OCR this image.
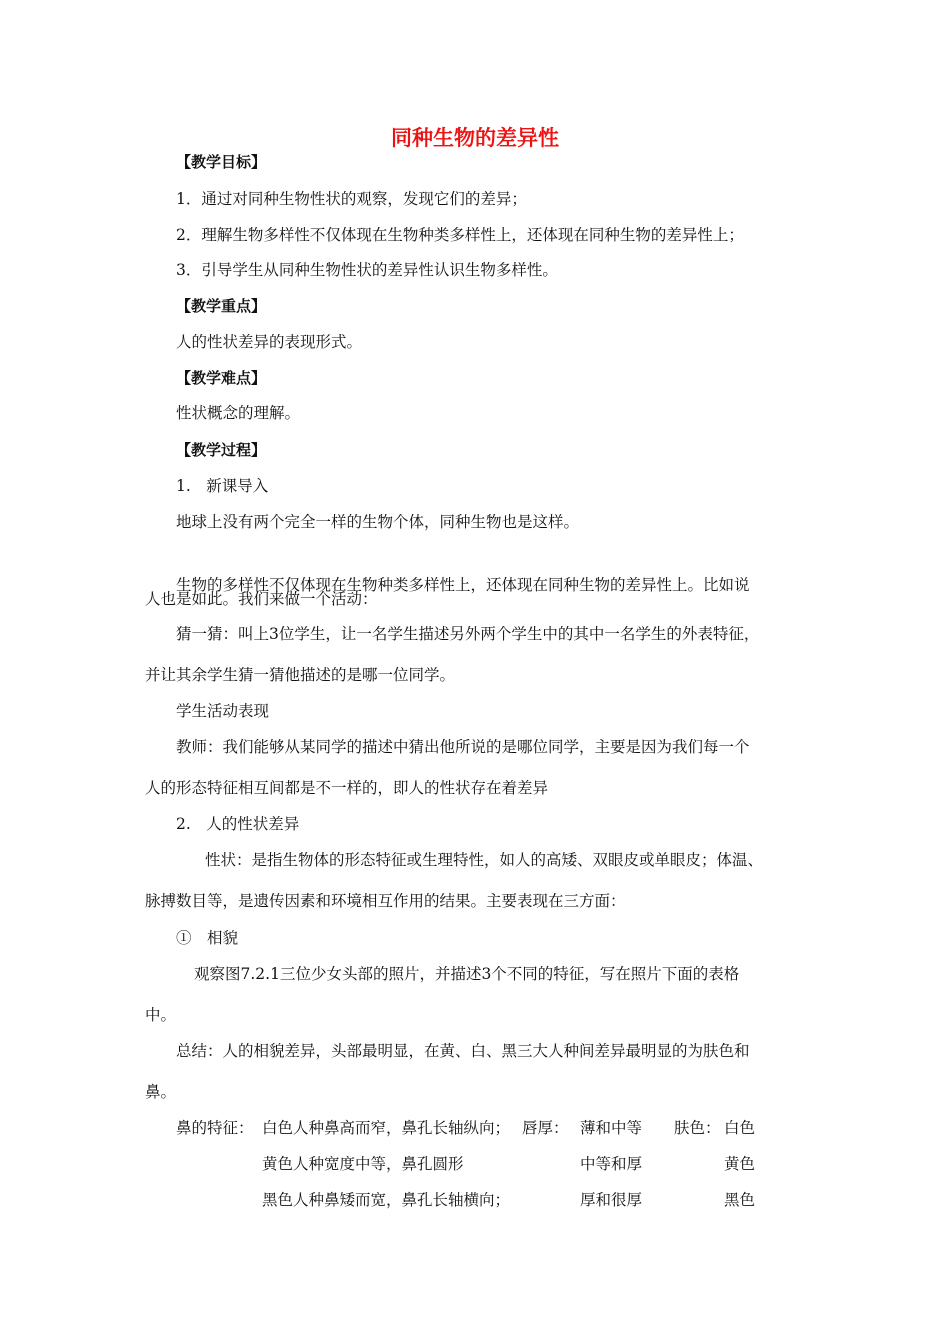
同种生物的差异性
【教学目标】
1．通过对同种生物性状的观察，发现它们的差异；
2．理解生物多样性不仅体现在生物种类多样性上，还体现在同种生物的差异性上；
3．引导学生从同种生物性状的差异性认识生物多样性。
【教学重点】
人的性状差异的表现形式。
【教学难点】
性状概念的理解。
【教学过程】
1.　新课导入
地球上没有两个完全一样的生物个体，同种生物也是这样。
生物的多样性不仅体现在生物种类多样性上，还体现在同种生物的差异性上。比如说
人也是如此。我们来做一个活动：
猜一猜：叫上3位学生，让一名学生描述另外两个学生中的其中一名学生的外表特征，
并让其余学生猜一猜他描述的是哪一位同学。
学生活动表现
教师：我们能够从某同学的描述中猜出他所说的是哪位同学，主要是因为我们每一个
人的形态特征相互间都是不一样的，即人的性状存在着差异
2.　人的性状差异
性状：是指生物体的形态特征或生理特性，如人的高矮、双眼皮或单眼皮；体温、
脉搏数目等，是遗传因素和环境相互作用的结果。主要表现在三方面：
①　相貌
观察图7.2.1三位少女头部的照片，并描述3个不同的特征，写在照片下面的表格
中。
总结：人的相貌差异，头部最明显，在黄、白、黑三大人种间差异最明显的为肤色和
鼻。
鼻的特征： 白色人种鼻高而窄，鼻孔长轴纵向； 唇厚： 薄和中等 肤色： 白色
黄色人种宽度中等，鼻孔圆形	中等和厚	黄色
黑色人种鼻矮而宽，鼻孔长轴横向；	厚和很厚	黑色
